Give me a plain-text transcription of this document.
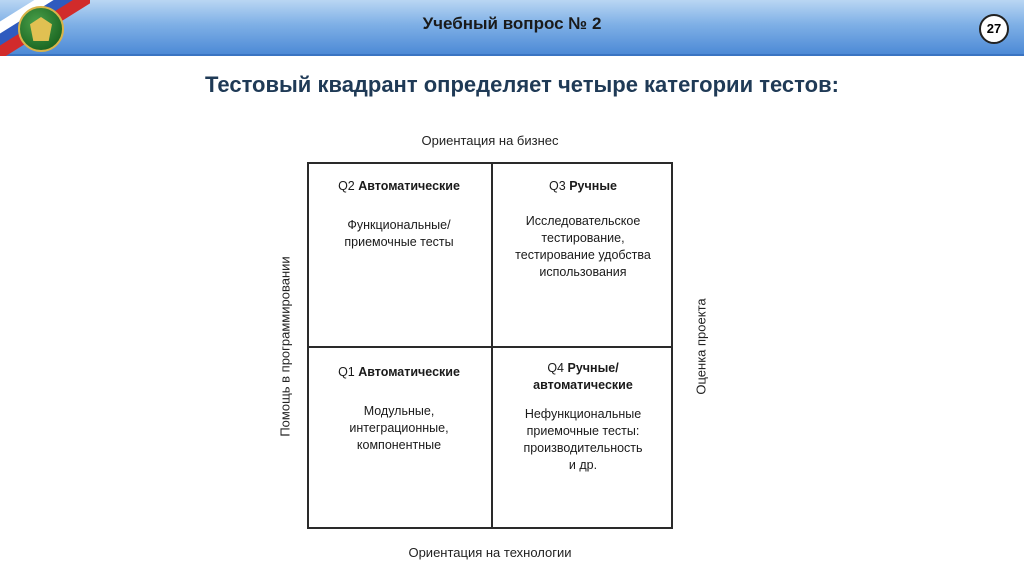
Учебный вопрос № 2	27
Тестовый квадрант определяет четыре категории тестов:
Ориентация на бизнес
Помощь в программировании	Оценка проекта
Ориентация на технологии
Q2 Автоматические
Функциональные/
приемочные тесты
Q3 Ручные
Исследовательское
тестирование,
тестирование удобства
использования
Q1 Автоматические
Модульные,
интеграционные,
компонентные
Q4 Ручные/
автоматические
Нефункциональные
приемочные тесты:
производительность
и др.
